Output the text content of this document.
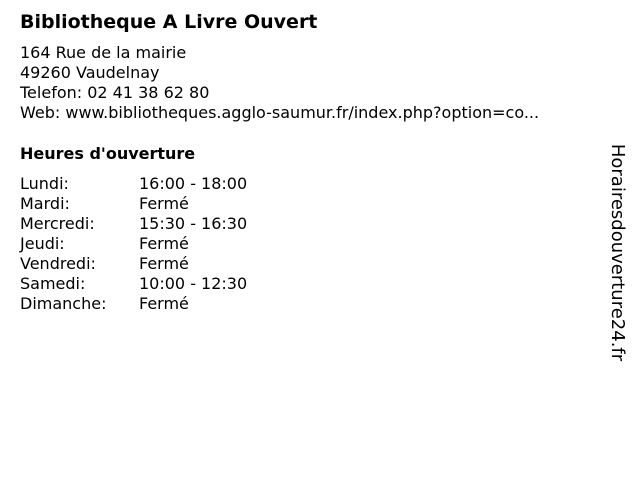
Bibliotheque A Livre Ouvert
164 Rue de la mairie
49260 Vaudelnay
Telefon: 02 41 38 62 80
Web: www.bibliotheques.agglo-saumur.fr/index.php?option=co...
Heures d'ouverture
Lundi:	16:00 - 18:00
Mardi:	Fermé
Mercredi:	15:30 - 16:30
Jeudi:	Fermé
Vendredi:	Fermé
Samedi:	10:00 - 12:30
Dimanche:	Fermé	Horairesdouverture24.fr
